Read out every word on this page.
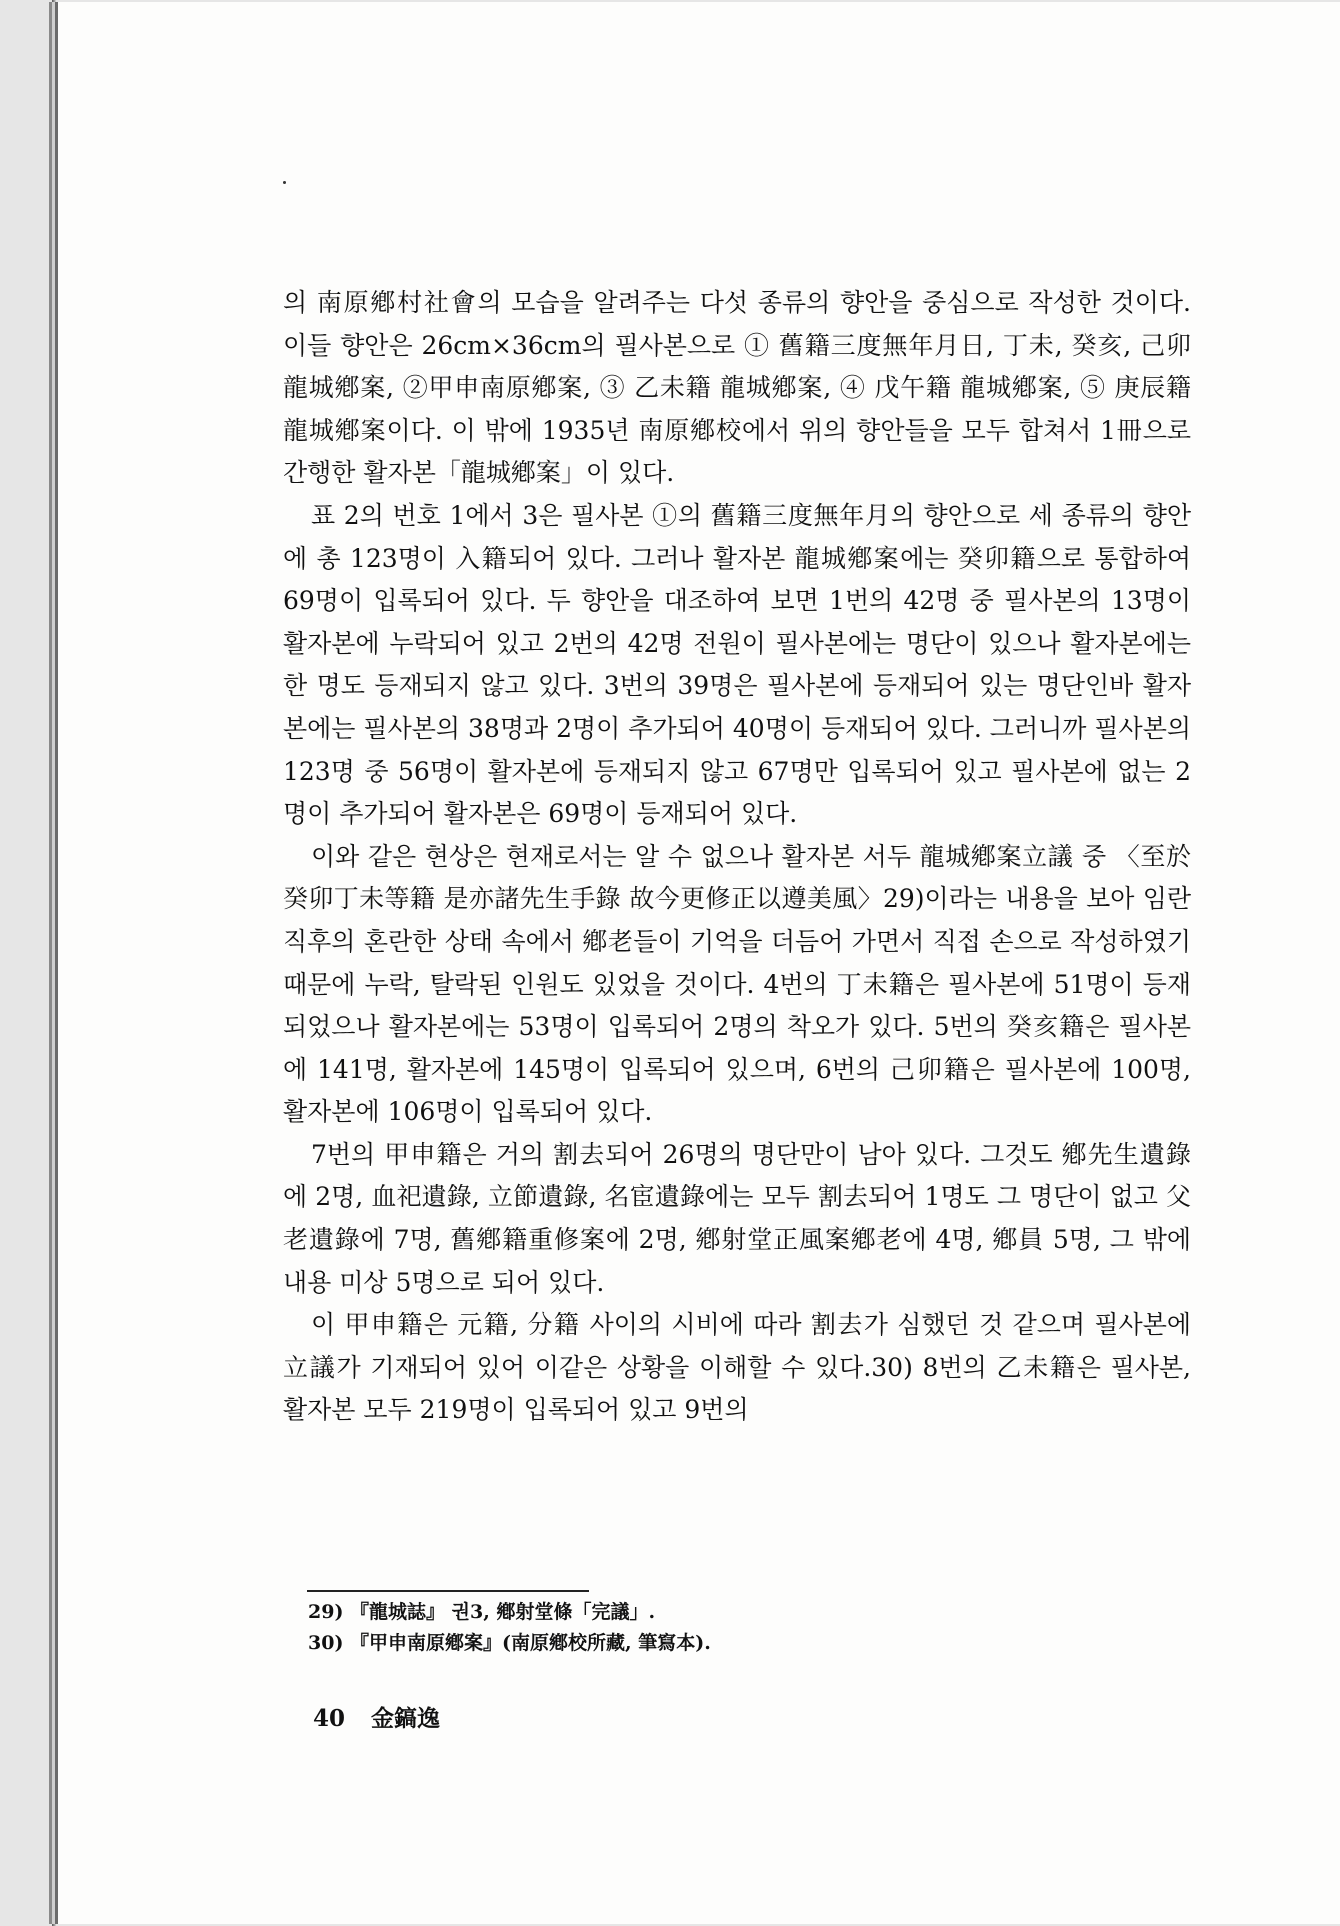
의 南原鄕村社會의 모습을 알려주는 다섯 종류의 향안을 중심으로 작성한 것이다. 이들 향안은 26cm×36cm의 필사본으로 ① 舊籍三度無年月日, 丁未, 癸亥, 己卯龍城鄕案, ②甲申南原鄕案, ③ 乙未籍 龍城鄕案, ④ 戊午籍 龍城鄕案, ⑤ 庚辰籍 龍城鄕案이다. 이 밖에 1935년 南原鄕校에서 위의 향안들을 모두 합쳐서 1冊으로 간행한 활자본「龍城鄕案」이 있다.

표 2의 번호 1에서 3은 필사본 ①의 舊籍三度無年月의 향안으로 세 종류의 향안에 총 123명이 入籍되어 있다. 그러나 활자본 龍城鄕案에는 癸卯籍으로 통합하여 69명이 입록되어 있다. 두 향안을 대조하여 보면 1번의 42명 중 필사본의 13명이 활자본에 누락되어 있고 2번의 42명 전원이 필사본에는 명단이 있으나 활자본에는 한 명도 등재되지 않고 있다. 3번의 39명은 필사본에 등재되어 있는 명단인바 활자본에는 필사본의 38명과 2명이 추가되어 40명이 등재되어 있다. 그러니까 필사본의 123명 중 56명이 활자본에 등재되지 않고 67명만 입록되어 있고 필사본에 없는 2명이 추가되어 활자본은 69명이 등재되어 있다.

이와 같은 현상은 현재로서는 알 수 없으나 활자본 서두 龍城鄕案立議 중 〈至於癸卯丁未等籍 是亦諸先生手錄 故今更修正以遵美風〉29)이라는 내용을 보아 임란 직후의 혼란한 상태 속에서 鄕老들이 기억을 더듬어 가면서 직접 손으로 작성하였기 때문에 누락, 탈락된 인원도 있었을 것이다. 4번의 丁未籍은 필사본에 51명이 등재되었으나 활자본에는 53명이 입록되어 2명의 착오가 있다. 5번의 癸亥籍은 필사본에 141명, 활자본에 145명이 입록되어 있으며, 6번의 己卯籍은 필사본에 100명, 활자본에 106명이 입록되어 있다.

7번의 甲申籍은 거의 割去되어 26명의 명단만이 남아 있다. 그것도 鄕先生遺錄에 2명, 血祀遺錄, 立節遺錄, 名宦遺錄에는 모두 割去되어 1명도 그 명단이 없고 父老遺錄에 7명, 舊鄕籍重修案에 2명, 鄕射堂正風案鄕老에 4명, 鄕員 5명, 그 밖에 내용 미상 5명으로 되어 있다.

이 甲申籍은 元籍, 分籍 사이의 시비에 따라 割去가 심했던 것 같으며 필사본에 立議가 기재되어 있어 이같은 상황을 이해할 수 있다.30) 8번의 乙未籍은 필사본, 활자본 모두 219명이 입록되어 있고 9번의

29) 『龍城誌』 권3, 鄕射堂條「完議」.
30) 『甲申南原鄕案』(南原鄕校所藏, 筆寫本).
40 金鎬逸
